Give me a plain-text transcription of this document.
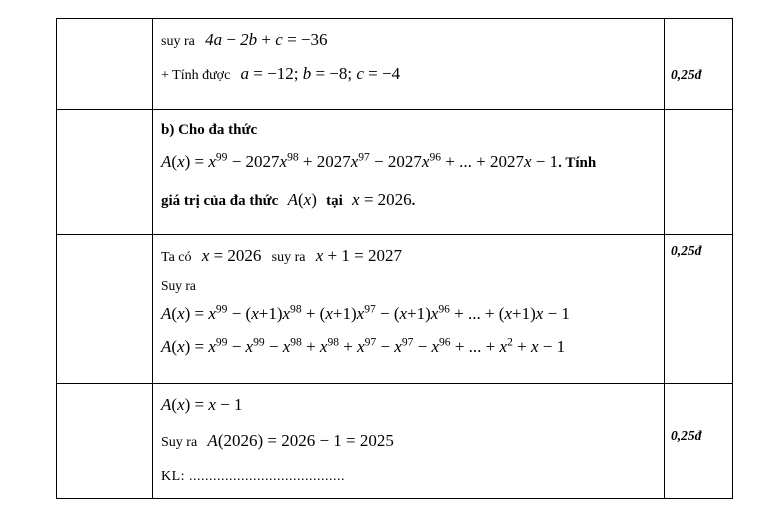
	suy ra 4a − 2b + c = −36
+ Tính được a = −12; b = −8; c = −4	0,25đ

	b) Cho đa thức
$A(x) = x^{99} - 2027x^{98} + 2027x^{97} - 2027x^{96}$ + ... + 2027x − 1. Tính
giá trị của đa thức A(x) tại x = 2026.	

	Ta có x = 2026 suy ra x + 1 = 2027
Suy ra
$A(x) = x^{99} - (x+1)x^{98} + (x+1)x^{97} - (x+1)x^{96}$ + ... + (x+1)x − 1
$A(x) = x^{99} - x^{99} - x^{98} + x^{98} + x^{97} - x^{97} - x^{96}$ + ... + $x^2 + x - 1$	0,25đ

	A(x) = x − 1
Suy ra A(2026) = 2026 − 1 = 2025
KL: .......................................	0,25đ
